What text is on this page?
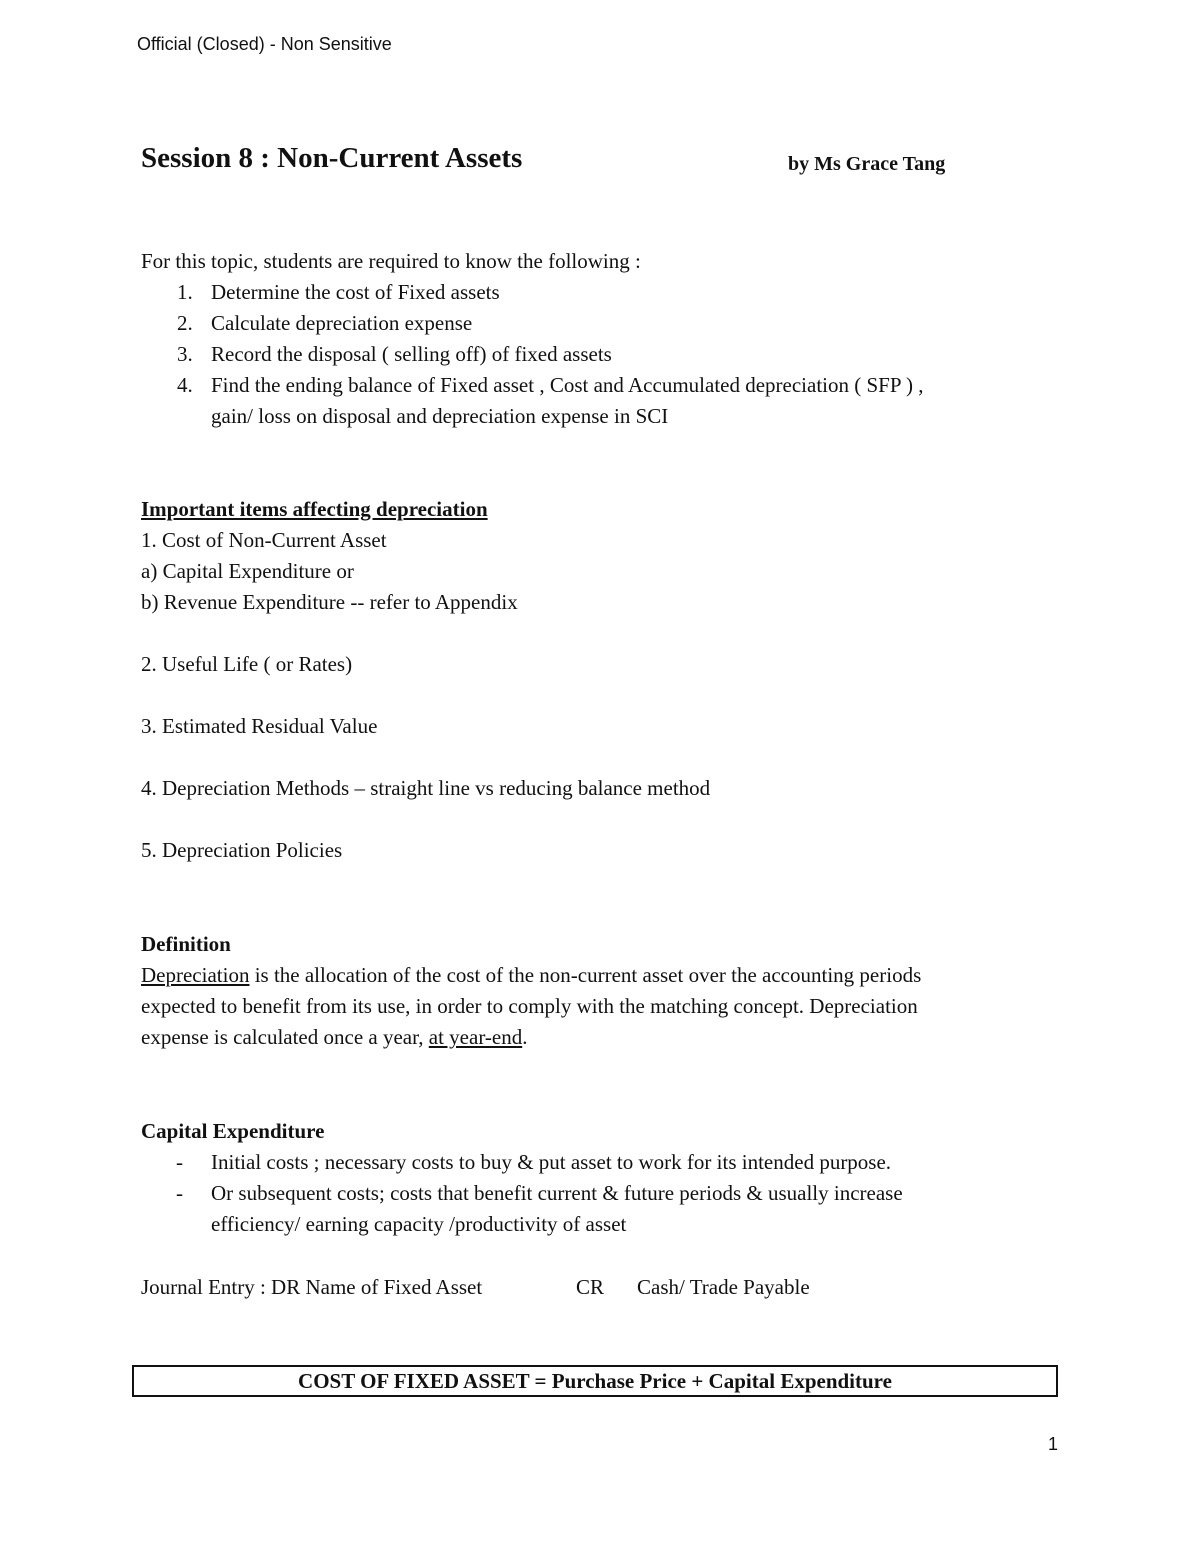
Official (Closed) - Non Sensitive
Session 8 : Non-Current Assets	by Ms Grace Tang
For this topic, students are required to know the following :
1. Determine the cost of Fixed assets
2. Calculate depreciation expense
3. Record the disposal ( selling off) of fixed assets
4. Find the ending balance of Fixed asset , Cost and Accumulated depreciation ( SFP ) ,
gain/ loss on disposal and depreciation expense in SCI
Important items affecting depreciation
1. Cost of Non-Current Asset
a) Capital Expenditure or
b) Revenue Expenditure -- refer to Appendix
2. Useful Life ( or Rates)
3. Estimated Residual Value
4. Depreciation Methods – straight line vs reducing balance method
5. Depreciation Policies
Definition
Depreciation is the allocation of the cost of the non-current asset over the accounting periods
expected to benefit from its use, in order to comply with the matching concept. Depreciation
expense is calculated once a year, at year-end.
Capital Expenditure
- Initial costs ; necessary costs to buy & put asset to work for its intended purpose.
- Or subsequent costs; costs that benefit current & future periods & usually increase
efficiency/ earning capacity /productivity of asset
Journal Entry : DR Name of Fixed Asset	CR Cash/ Trade Payable
COST OF FIXED ASSET = Purchase Price + Capital Expenditure
1
